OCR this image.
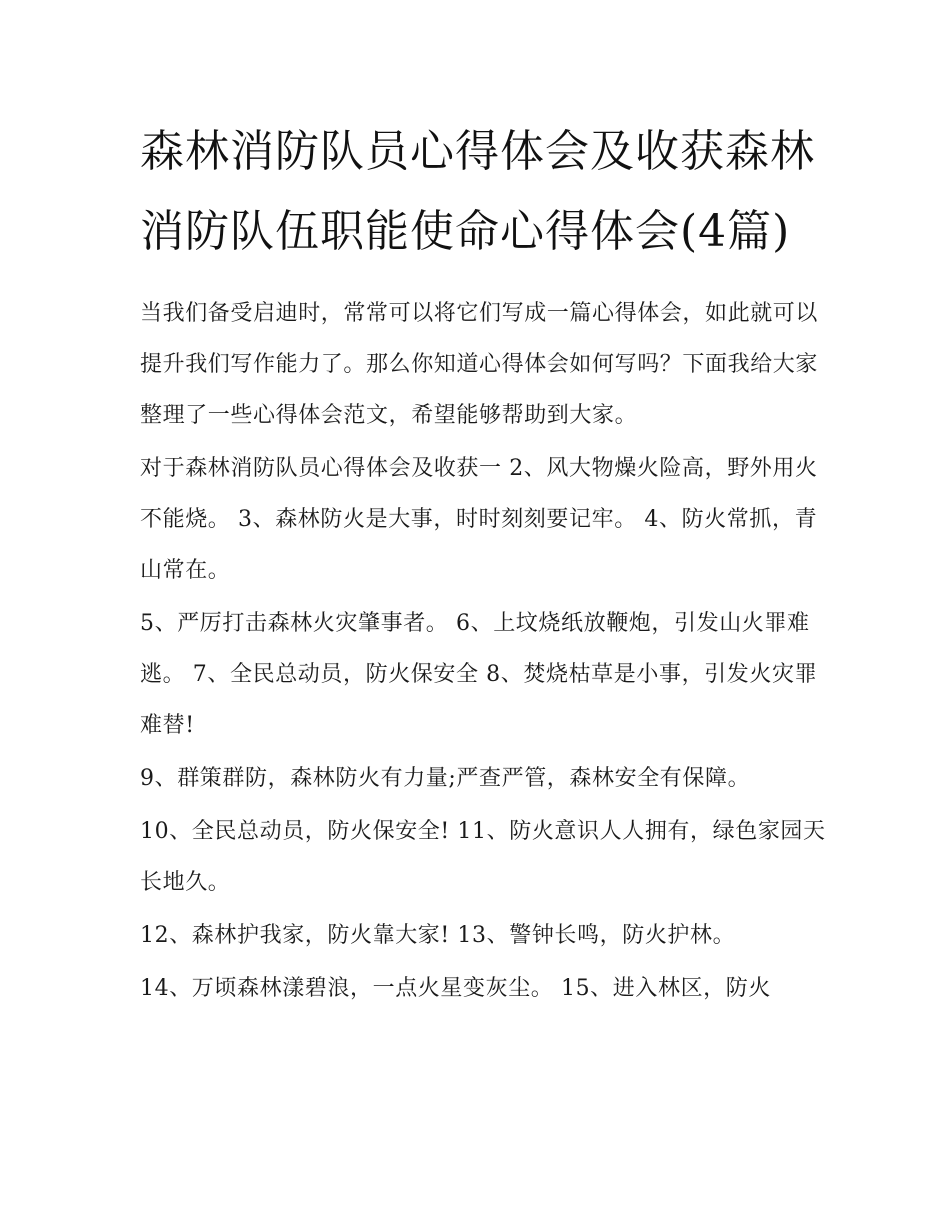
森林消防队员心得体会及收获森林消防队伍职能使命心得体会(4篇)

当我们备受启迪时，常常可以将它们写成一篇心得体会，如此就可以提升我们写作能力了。那么你知道心得体会如何写吗？下面我给大家整理了一些心得体会范文，希望能够帮助到大家。

对于森林消防队员心得体会及收获一 2、风大物燥火险高，野外用火不能烧。 3、森林防火是大事，时时刻刻要记牢。 4、防火常抓，青山常在。

5、严厉打击森林火灾肇事者。 6、上坟烧纸放鞭炮，引发山火罪难逃。 7、全民总动员，防火保安全 8、焚烧枯草是小事，引发火灾罪难替!

9、群策群防，森林防火有力量;严查严管，森林安全有保障。

10、全民总动员，防火保安全! 11、防火意识人人拥有，绿色家园天长地久。

12、森林护我家，防火靠大家! 13、警钟长鸣，防火护林。

14、万顷森林漾碧浪，一点火星变灰尘。 15、进入林区，防火
